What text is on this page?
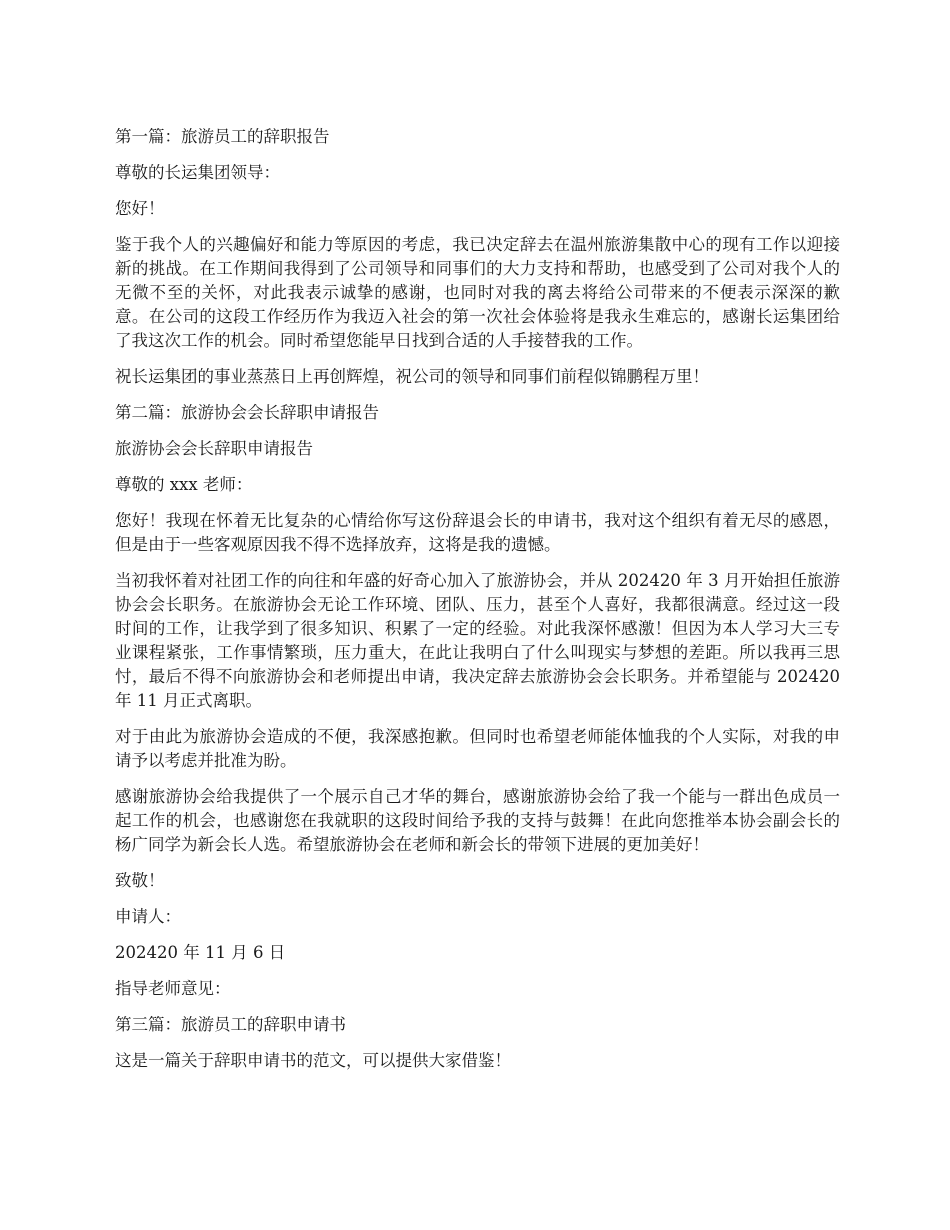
第一篇：旅游员工的辞职报告

尊敬的长运集团领导：

您好！

鉴于我个人的兴趣偏好和能力等原因的考虑，我已决定辞去在温州旅游集散中心的现有工作以迎接新的挑战。在工作期间我得到了公司领导和同事们的大力支持和帮助，也感受到了公司对我个人的无微不至的关怀，对此我表示诚挚的感谢，也同时对我的离去将给公司带来的不便表示深深的歉意。在公司的这段工作经历作为我迈入社会的第一次社会体验将是我永生难忘的，感谢长运集团给了我这次工作的机会。同时希望您能早日找到合适的人手接替我的工作。

祝长运集团的事业蒸蒸日上再创辉煌，祝公司的领导和同事们前程似锦鹏程万里！

第二篇：旅游协会会长辞职申请报告

旅游协会会长辞职申请报告

尊敬的 xxx 老师：

您好！我现在怀着无比复杂的心情给你写这份辞退会长的申请书，我对这个组织有着无尽的感恩，但是由于一些客观原因我不得不选择放弃，这将是我的遗憾。

当初我怀着对社团工作的向往和年盛的好奇心加入了旅游协会，并从 202420 年 3 月开始担任旅游协会会长职务。在旅游协会无论工作环境、团队、压力，甚至个人喜好，我都很满意。经过这一段时间的工作，让我学到了很多知识、积累了一定的经验。对此我深怀感激！但因为本人学习大三专业课程紧张，工作事情繁琐，压力重大，在此让我明白了什么叫现实与梦想的差距。所以我再三思忖，最后不得不向旅游协会和老师提出申请，我决定辞去旅游协会会长职务。并希望能与 202420 年 11 月正式离职。

对于由此为旅游协会造成的不便，我深感抱歉。但同时也希望老师能体恤我的个人实际，对我的申请予以考虑并批准为盼。

感谢旅游协会给我提供了一个展示自己才华的舞台，感谢旅游协会给了我一个能与一群出色成员一起工作的机会，也感谢您在我就职的这段时间给予我的支持与鼓舞！在此向您推举本协会副会长的杨广同学为新会长人选。希望旅游协会在老师和新会长的带领下进展的更加美好！

致敬！

申请人：

202420 年 11 月 6 日

指导老师意见：

第三篇：旅游员工的辞职申请书

这是一篇关于辞职申请书的范文，可以提供大家借鉴！
